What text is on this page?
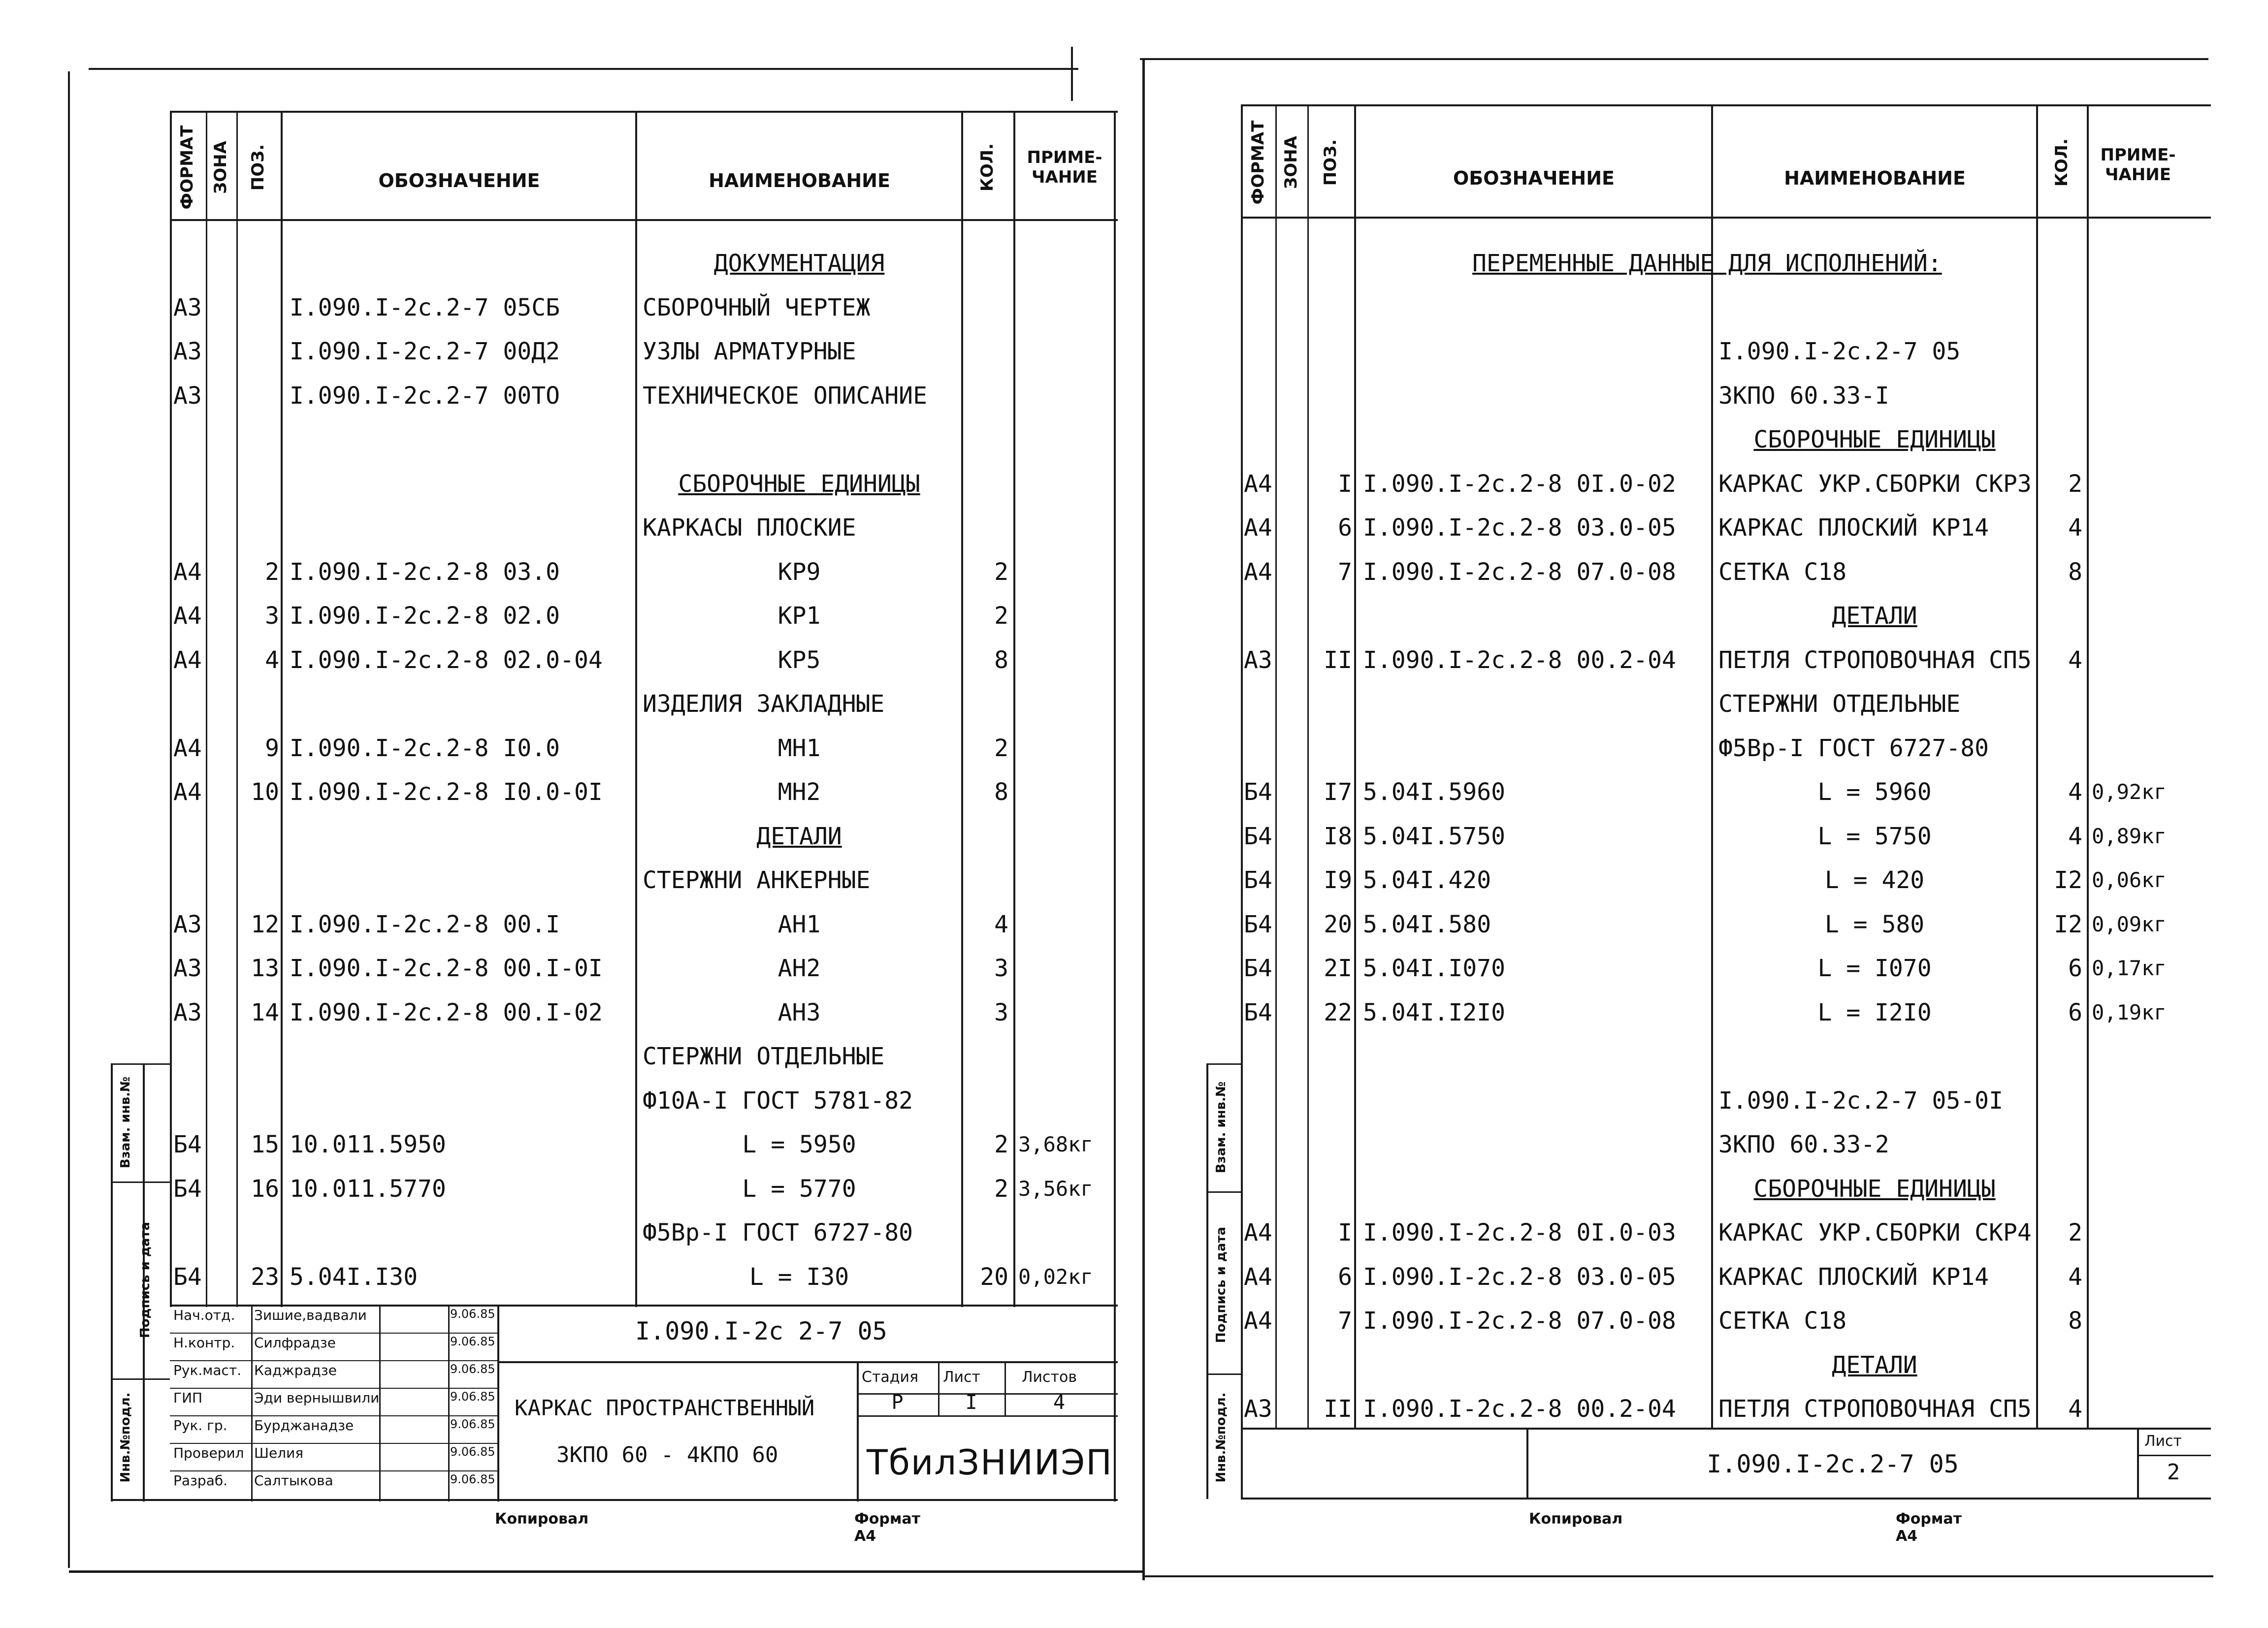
ФОРМАТ ЗОНА ПОЗ.	ОБОЗНАЧЕНИЕ	НАИМЕНОВАНИЕ	КОЛ.	ПРИМЕ-ЧАНИЕ
ДОКУМЕНТАЦИЯ
А3	I.090.I-2с.2-7 05СБ	СБОРОЧНЫЙ ЧЕРТЕЖ
А3	I.090.I-2с.2-7 00Д2	УЗЛЫ АРМАТУРНЫЕ
А3	I.090.I-2с.2-7 00ТО	ТЕХНИЧЕСКОЕ ОПИСАНИЕ
СБОРОЧНЫЕ ЕДИНИЦЫ
КАРКАСЫ ПЛОСКИЕ
А4	2 I.090.I-2с.2-8 03.0	КР9	2
А4	3 I.090.I-2с.2-8 02.0	КР1	2
А4	4 I.090.I-2с.2-8 02.0-04	КР5	8
ИЗДЕЛИЯ ЗАКЛАДНЫЕ
А4	9 I.090.I-2с.2-8 I0.0	МН1	2
А4	10 I.090.I-2с.2-8 I0.0-0I	МН2	8
ДЕТАЛИ
СТЕРЖНИ АНКЕРНЫЕ
А3	12 I.090.I-2с.2-8 00.I	АН1	4
А3	13 I.090.I-2с.2-8 00.I-0I	АН2	3
А3	14 I.090.I-2с.2-8 00.I-02	АН3	3
СТЕРЖНИ ОТДЕЛЬНЫЕ
Ф10А-I ГОСТ 5781-82
Б4	15 10.011.5950	L = 5950	2 3,68кг
Б4	16 10.011.5770	L = 5770	2 3,56кг
Ф5Вр-I ГОСТ 6727-80
Б4	23 5.04I.I30	L = I30	20 0,02кг
Нач.отд. Зишие,вадвали	9.06.85
Н.контр. Силфрадзе	9.06.85
Рук.маст. Каджрадзе	9.06.85
ГИП	Эди вернышвили	9.06.85
Рук. гр. Бурджанадзе	9.06.85
Проверил Шелия	9.06.85
Разраб. Салтыкова	9.06.85
I.090.I-2с 2-7 05
КАРКАС ПРОСТРАНСТВЕННЫЙ
3КПО 60 - 4КПО 60
Стадия Лист	Листов
Р	I	4
ТбилЗНИИЭП
Взам. инв.№
Подпись и дата
Инв.№подл.
Копировал	Формат А4
ФОРМАТ ЗОНА ПОЗ.	ОБОЗНАЧЕНИЕ	НАИМЕНОВАНИЕ	КОЛ.	ПРИМЕ-ЧАНИЕ
ПЕРЕМЕННЫЕ ДАННЫЕ ДЛЯ ИСПОЛНЕНИЙ:
I.090.I-2с.2-7 05
3КПО 60.33-I
СБОРОЧНЫЕ ЕДИНИЦЫ
А4	I I.090.I-2с.2-8 0I.0-02	КАРКАС УКР.СБОРКИ СКР3	2
А4	6 I.090.I-2с.2-8 03.0-05	КАРКАС ПЛОСКИЙ КР14	4
А4	7 I.090.I-2с.2-8 07.0-08	СЕТКА С18	8
ДЕТАЛИ
А3	II I.090.I-2с.2-8 00.2-04	ПЕТЛЯ СТРОПОВОЧНАЯ СП5	4
СТЕРЖНИ ОТДЕЛЬНЫЕ
Ф5Вр-I ГОСТ 6727-80
Б4	I7 5.04I.5960	L = 5960	4 0,92кг
Б4	I8 5.04I.5750	L = 5750	4 0,89кг
Б4	I9 5.04I.420	L = 420	I2 0,06кг
Б4	20 5.04I.580	L = 580	I2 0,09кг
Б4	2I 5.04I.I070	L = I070	6 0,17кг
Б4	22 5.04I.I2I0	L = I2I0	6 0,19кг
I.090.I-2с.2-7 05-0I
3КПО 60.33-2
СБОРОЧНЫЕ ЕДИНИЦЫ
А4	I I.090.I-2с.2-8 0I.0-03	КАРКАС УКР.СБОРКИ СКР4	2
А4	6 I.090.I-2с.2-8 03.0-05	КАРКАС ПЛОСКИЙ КР14	4
А4	7 I.090.I-2с.2-8 07.0-08	СЕТКА С18	8
ДЕТАЛИ
А3	II I.090.I-2с.2-8 00.2-04	ПЕТЛЯ СТРОПОВОЧНАЯ СП5	4
I.090.I-2с.2-7 05
Лист
2
Взам. инв.№
Подпись и дата
Инв.№подл.
Копировал	Формат А4
